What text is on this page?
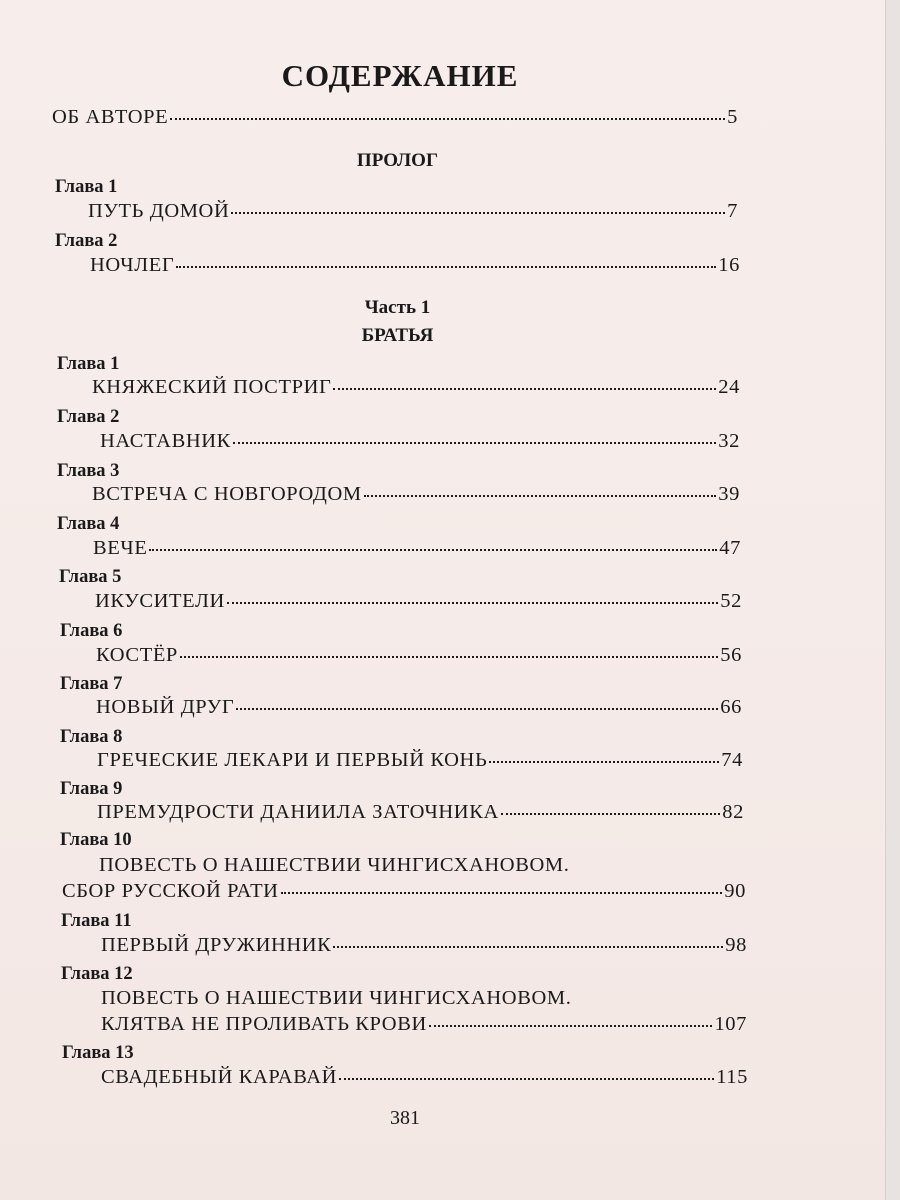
СОДЕРЖАНИЕ
ОБ АВТОРЕ	5
ПРОЛОГ
Глава 1
ПУТЬ ДОМОЙ	7
Глава 2
НОЧЛЕГ	16
Часть 1
БРАТЬЯ
Глава 1
КНЯЖЕСКИЙ ПОСТРИГ	24
Глава 2
НАСТАВНИК	32
Глава 3
ВСТРЕЧА С НОВГОРОДОМ	39
Глава 4
ВЕЧЕ	47
Глава 5
ИКУСИТЕЛИ	52
Глава 6
КОСТЁР	56
Глава 7
НОВЫЙ ДРУГ	66
Глава 8
ГРЕЧЕСКИЕ ЛЕКАРИ И ПЕРВЫЙ КОНЬ	74
Глава 9
ПРЕМУДРОСТИ ДАНИИЛА ЗАТОЧНИКА	82
Глава 10
ПОВЕСТЬ О НАШЕСТВИИ ЧИНГИСХАНОВОМ.
СБОР РУССКОЙ РАТИ	90
Глава 11
ПЕРВЫЙ ДРУЖИННИК	98
Глава 12
ПОВЕСТЬ О НАШЕСТВИИ ЧИНГИСХАНОВОМ.
КЛЯТВА НЕ ПРОЛИВАТЬ КРОВИ	107
Глава 13
СВАДЕБНЫЙ КАРАВАЙ	115
381
